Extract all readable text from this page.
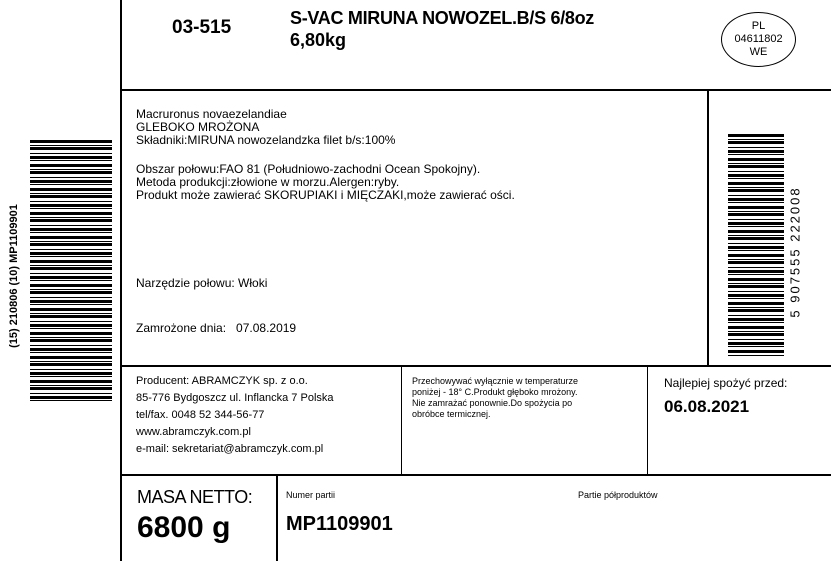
03-515	S-VAC MIRUNA NOWOZEL.B/S 6/8oz
6,80kg
PL
04611802
WE
Macruronus novaezelandiae
GLEBOKO MROŻONA
Składniki:MIRUNA nowozelandzka filet b/s:100%
Obszar połowu:FAO 81 (Południowo-zachodni Ocean Spokojny).
Metoda produkcji:złowione w morzu.Alergen:ryby.
Produkt może zawierać SKORUPIAKI i MIĘCZAKI,może zawierać ości.
Narzędzie połowu: Włoki
Zamrożone dnia:   07.08.2019
Producent: ABRAMCZYK sp. z o.o.
85-776 Bydgoszcz ul. Inflancka 7 Polska
tel/fax. 0048 52 344-56-77
www.abramczyk.com.pl
e-mail: sekretariat@abramczyk.com.pl
Przechowywać wyłącznie w temperaturze
poniżej - 18° C.Produkt głęboko mrożony.
Nie zamrażać ponownie.Do spożycia po
obróbce termicznej.
Najlepiej spożyć przed:
06.08.2021
MASA NETTO:
6800 g
Numer partii
MP1109901
Partie półproduktów
(15) 210806 (10) MP1109901	5 907555 222008
